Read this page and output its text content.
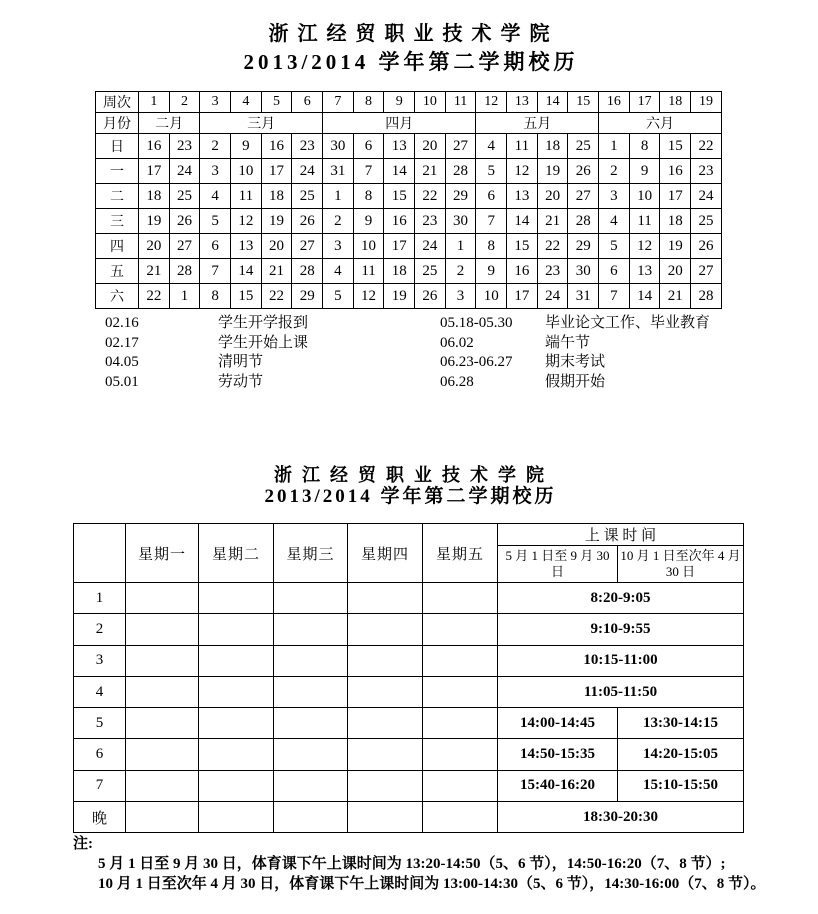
浙江经贸职业技术学院
2013/2014 学年第二学期校历
周次	1	2	3	4	5	6	7	8	9	10	11	12	13	14	15	16	17	18	19
月份	二月		三月				四月					五月				六月			
日	16	23	2	9	16	23	30	6	13	20	27	4	11	18	25	1	8	15	22
一	17	24	3	10	17	24	31	7	14	21	28	5	12	19	26	2	9	16	23
二	18	25	4	11	18	25	1	8	15	22	29	6	13	20	27	3	10	17	24
三	19	26	5	12	19	26	2	9	16	23	30	7	14	21	28	4	11	18	25
四	20	27	6	13	20	27	3	10	17	24	1	8	15	22	29	5	12	19	26
五	21	28	7	14	21	28	4	11	18	25	2	9	16	23	30	6	13	20	27
六	22	1	8	15	22	29	5	12	19	26	3	10	17	24	31	7	14	21	28
02.16	学生开学报到	05.18-05.30	毕业论文工作、毕业教育
02.17	学生开始上课	06.02	端午节
04.05	清明节	06.23-06.27	期末考试
05.01	劳动节	06.28	假期开始
浙江经贸职业技术学院
2013/2014 学年第二学期校历
	星期一	星期二	星期三	星期四	星期五	上 课 时 间	
						5 月 1 日至 9 月 30 日	10 月 1 日至次年 4 月 30 日
1						8:20-9:05	
2						9:10-9:55	
3						10:15-11:00	
4						11:05-11:50	
5						14:00-14:45	13:30-14:15
6						14:50-15:35	14:20-15:05
7						15:40-16:20	15:10-15:50
晚						18:30-20:30	
注:
5 月 1 日至 9 月 30 日，体育课下午上课时间为 13:20-14:50（5、6 节），14:50-16:20（7、8 节）;
10 月 1 日至次年 4 月 30 日，体育课下午上课时间为 13:00-14:30（5、6 节），14:30-16:00（7、8 节）。
